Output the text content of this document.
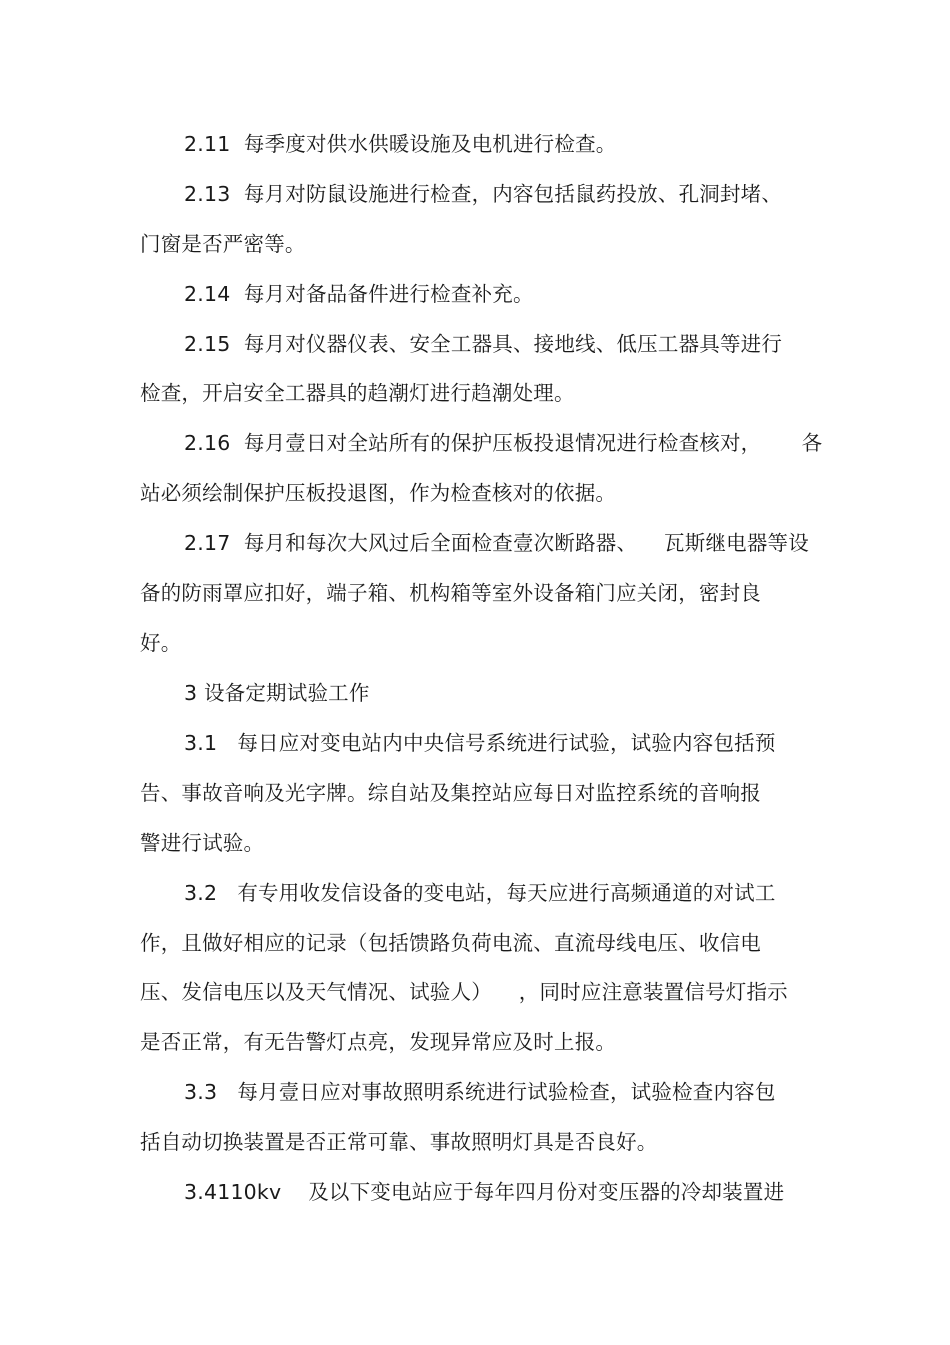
2.11  每季度对供水供暖设施及电机进行检查。
2.13  每月对防鼠设施进行检查，内容包括鼠药投放、孔洞封堵、
门窗是否严密等。
2.14  每月对备品备件进行检查补充。
2.15  每月对仪器仪表、安全工器具、接地线、低压工器具等进行
检查，开启安全工器具的趋潮灯进行趋潮处理。
2.16  每月壹日对全站所有的保护压板投退情况进行检查核对，      各
站必须绘制保护压板投退图，作为检查核对的依据。
2.17  每月和每次大风过后全面检查壹次断路器、    瓦斯继电器等设
备的防雨罩应扣好，端子箱、机构箱等室外设备箱门应关闭，密封良
好。
3 设备定期试验工作
3.1   每日应对变电站内中央信号系统进行试验，试验内容包括预
告、事故音响及光字牌。综自站及集控站应每日对监控系统的音响报
警进行试验。
3.2   有专用收发信设备的变电站，每天应进行高频通道的对试工
作，且做好相应的记录（包括馈路负荷电流、直流母线电压、收信电
压、发信电压以及天气情况、试验人）    ，同时应注意装置信号灯指示
是否正常，有无告警灯点亮，发现异常应及时上报。
3.3   每月壹日应对事故照明系统进行试验检查，试验检查内容包
括自动切换装置是否正常可靠、事故照明灯具是否良好。
3.4110kv    及以下变电站应于每年四月份对变压器的冷却装置进
